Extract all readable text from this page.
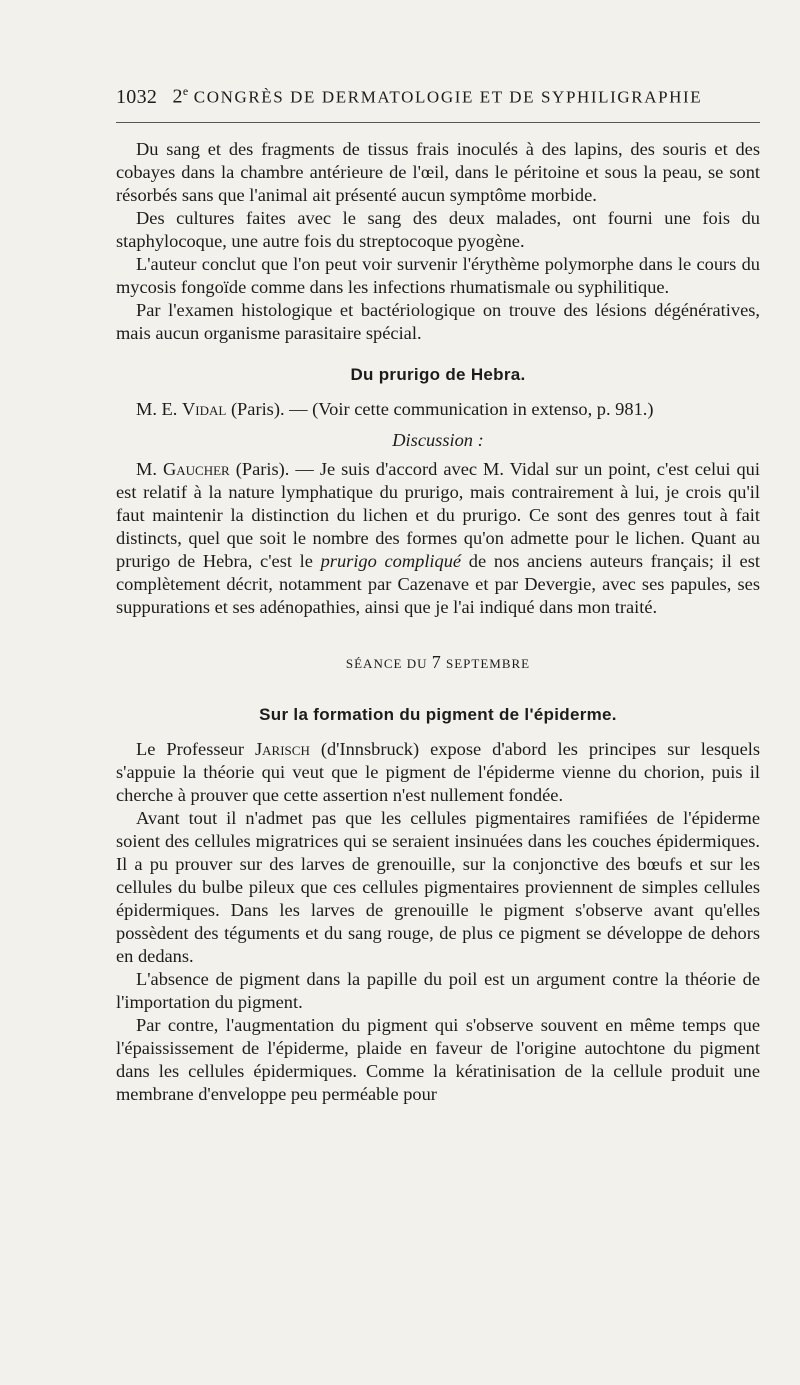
1032 2e CONGRÈS DE DERMATOLOGIE ET DE SYPHILIGRAPHIE

Du sang et des fragments de tissus frais inoculés à des lapins, des souris et des cobayes dans la chambre antérieure de l'œil, dans le péritoine et sous la peau, se sont résorbés sans que l'animal ait présenté aucun symptôme morbide.

Des cultures faites avec le sang des deux malades, ont fourni une fois du staphylocoque, une autre fois du streptocoque pyogène.

L'auteur conclut que l'on peut voir survenir l'érythème polymorphe dans le cours du mycosis fongoïde comme dans les infections rhumatismale ou syphilitique.

Par l'examen histologique et bactériologique on trouve des lésions dégénératives, mais aucun organisme parasitaire spécial.

Du prurigo de Hebra.

M. E. Vidal (Paris). — (Voir cette communication in extenso, p. 981.)

Discussion :

M. Gaucher (Paris). — Je suis d'accord avec M. Vidal sur un point, c'est celui qui est relatif à la nature lymphatique du prurigo, mais contrairement à lui, je crois qu'il faut maintenir la distinction du lichen et du prurigo. Ce sont des genres tout à fait distincts, quel que soit le nombre des formes qu'on admette pour le lichen. Quant au prurigo de Hebra, c'est le prurigo compliqué de nos anciens auteurs français; il est complètement décrit, notamment par Cazenave et par Devergie, avec ses papules, ses suppurations et ses adénopathies, ainsi que je l'ai indiqué dans mon traité.

SÉANCE DU 7 SEPTEMBRE

Sur la formation du pigment de l'épiderme.

Le Professeur Jarisch (d'Innsbruck) expose d'abord les principes sur lesquels s'appuie la théorie qui veut que le pigment de l'épiderme vienne du chorion, puis il cherche à prouver que cette assertion n'est nullement fondée.

Avant tout il n'admet pas que les cellules pigmentaires ramifiées de l'épiderme soient des cellules migratrices qui se seraient insinuées dans les couches épidermiques. Il a pu prouver sur des larves de grenouille, sur la conjonctive des bœufs et sur les cellules du bulbe pileux que ces cellules pigmentaires proviennent de simples cellules épidermiques. Dans les larves de grenouille le pigment s'observe avant qu'elles possèdent des téguments et du sang rouge, de plus ce pigment se développe de dehors en dedans.

L'absence de pigment dans la papille du poil est un argument contre la théorie de l'importation du pigment.

Par contre, l'augmentation du pigment qui s'observe souvent en même temps que l'épaississement de l'épiderme, plaide en faveur de l'origine autochtone du pigment dans les cellules épidermiques. Comme la kératinisation de la cellule produit une membrane d'enveloppe peu perméable pour
